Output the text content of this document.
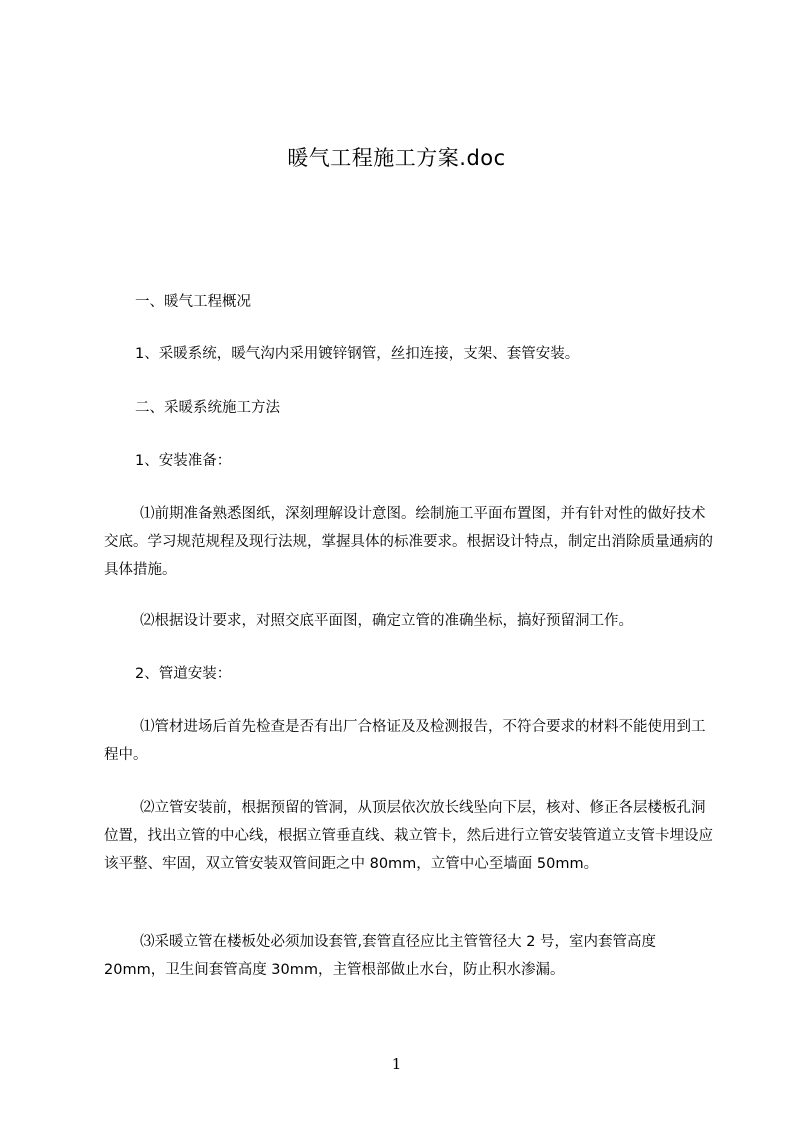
暖气工程施工方案.doc

一、暖气工程概况

1、采暖系统，暖气沟内采用镀锌钢管，丝扣连接，支架、套管安装。

二、采暖系统施工方法

1、安装准备：

⑴前期准备熟悉图纸，深刻理解设计意图。绘制施工平面布置图，并有针对性的做好技术交底。学习规范规程及现行法规，掌握具体的标准要求。根据设计特点，制定出消除质量通病的具体措施。

⑵根据设计要求，对照交底平面图，确定立管的准确坐标，搞好预留洞工作。

2、管道安装：

⑴管材进场后首先检查是否有出厂合格证及及检测报告，不符合要求的材料不能使用到工程中。

⑵立管安装前，根据预留的管洞，从顶层依次放长线坠向下层，核对、修正各层楼板孔洞位置，找出立管的中心线，根据立管垂直线、栽立管卡，然后进行立管安装管道立支管卡埋设应该平整、牢固，双立管安装双管间距之中 80mm，立管中心至墙面 50mm。

⑶采暖立管在楼板处必须加设套管,套管直径应比主管管径大 2 号，室内套管高度 20mm，卫生间套管高度 30mm，主管根部做止水台，防止积水渗漏。

1
